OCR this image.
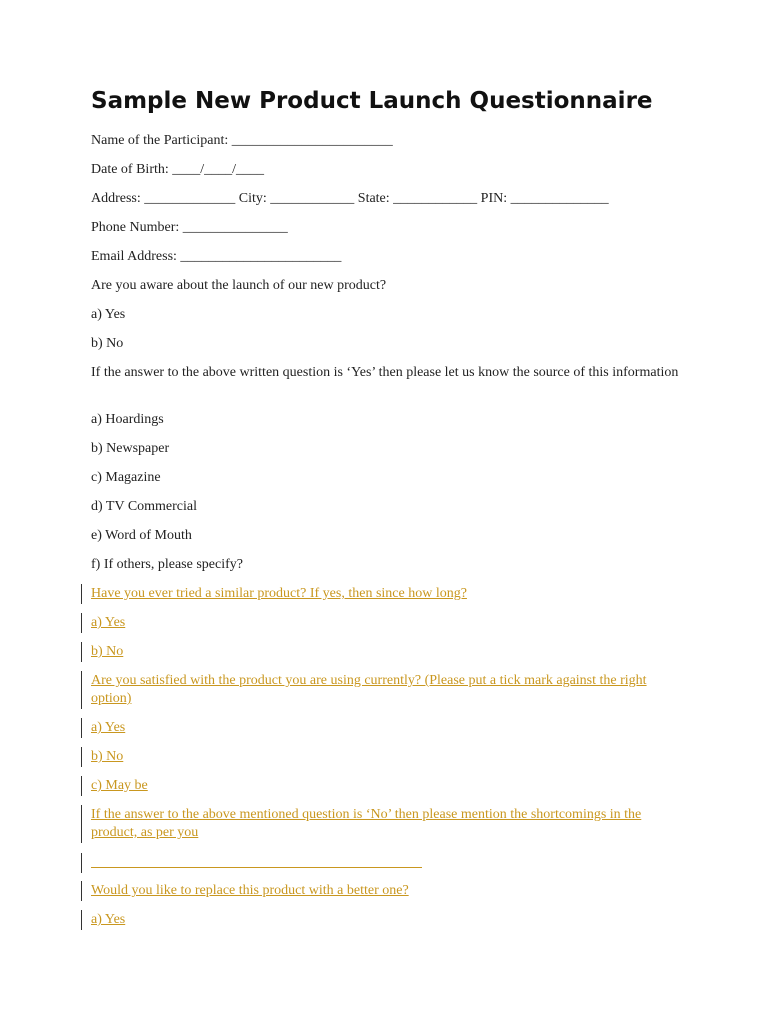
Sample New Product Launch Questionnaire

Name of the Participant: _______________________

Date of Birth: ____/____/____

Address: _____________ City: ____________ State: ____________ PIN: ______________

Phone Number: _______________

Email Address: _______________________

Are you aware about the launch of our new product?

a) Yes

b) No

If the answer to the above written question is ‘Yes’ then please let us know the source of this information

a) Hoardings

b) Newspaper

c) Magazine

d) TV Commercial

e) Word of Mouth

f) If others, please specify?

Have you ever tried a similar product? If yes, then since how long?

a) Yes

b) No

Are you satisfied with the product you are using currently? (Please put a tick mark against the right option)

a) Yes

b) No

c) May be

If the answer to the above mentioned question is ‘No’ then please mention the shortcomings in the product, as per you

Would you like to replace this product with a better one?

a) Yes
